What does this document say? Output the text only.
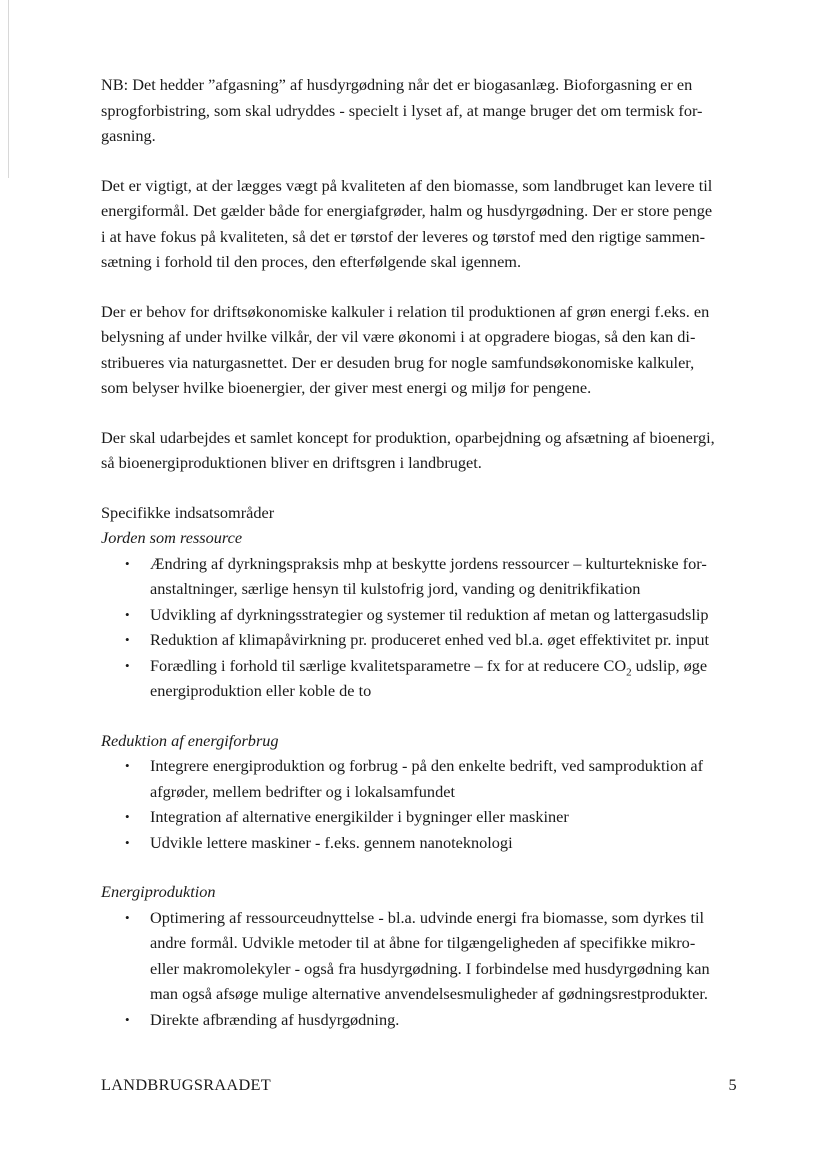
NB: Det hedder ”afgasning” af husdyrgødning når det er biogasanlæg. Bioforgasning er en
sprogforbistring, som skal udryddes - specielt i lyset af, at mange bruger det om termisk for-
gasning.

Det er vigtigt, at der lægges vægt på kvaliteten af den biomasse, som landbruget kan levere til
energiformål. Det gælder både for energiafgrøder, halm og husdyrgødning. Der er store penge
i at have fokus på kvaliteten, så det er tørstof der leveres og tørstof med den rigtige sammen-
sætning i forhold til den proces, den efterfølgende skal igennem.

Der er behov for driftsøkonomiske kalkuler i relation til produktionen af grøn energi f.eks. en
belysning af under hvilke vilkår, der vil være økonomi i at opgradere biogas, så den kan di-
stribueres via naturgasnettet. Der er desuden brug for nogle samfundsøkonomiske kalkuler,
som belyser hvilke bioenergier, der giver mest energi og miljø for pengene.

Der skal udarbejdes et samlet koncept for produktion, oparbejdning og afsætning af bioenergi,
så bioenergiproduktionen bliver en driftsgren i landbruget.

Specifikke indsatsområder

Jorden som ressource

• Ændring af dyrkningspraksis mhp at beskytte jordens ressourcer – kulturtekniske for-
anstaltninger, særlige hensyn til kulstofrig jord, vanding og denitrikfikation
• Udvikling af dyrkningsstrategier og systemer til reduktion af metan og lattergasudslip
• Reduktion af klimapåvirkning pr. produceret enhed ved bl.a. øget effektivitet pr. input
• Forædling i forhold til særlige kvalitetsparametre – fx for at reducere $CO_2$ udslip, øge
energiproduktion eller koble de to

Reduktion af energiforbrug

• Integrere energiproduktion og forbrug - på den enkelte bedrift, ved samproduktion af
afgrøder, mellem bedrifter og i lokalsamfundet
• Integration af alternative energikilder i bygninger eller maskiner
• Udvikle lettere maskiner - f.eks. gennem nanoteknologi

Energiproduktion

• Optimering af ressourceudnyttelse - bl.a. udvinde energi fra biomasse, som dyrkes til
andre formål. Udvikle metoder til at åbne for tilgængeligheden af specifikke mikro-
eller makromolekyler - også fra husdyrgødning. I forbindelse med husdyrgødning kan
man også afsøge mulige alternative anvendelsesmuligheder af gødningsrestprodukter.
• Direkte afbrænding af husdyrgødning.
LANDBRUGSRAADET	5
